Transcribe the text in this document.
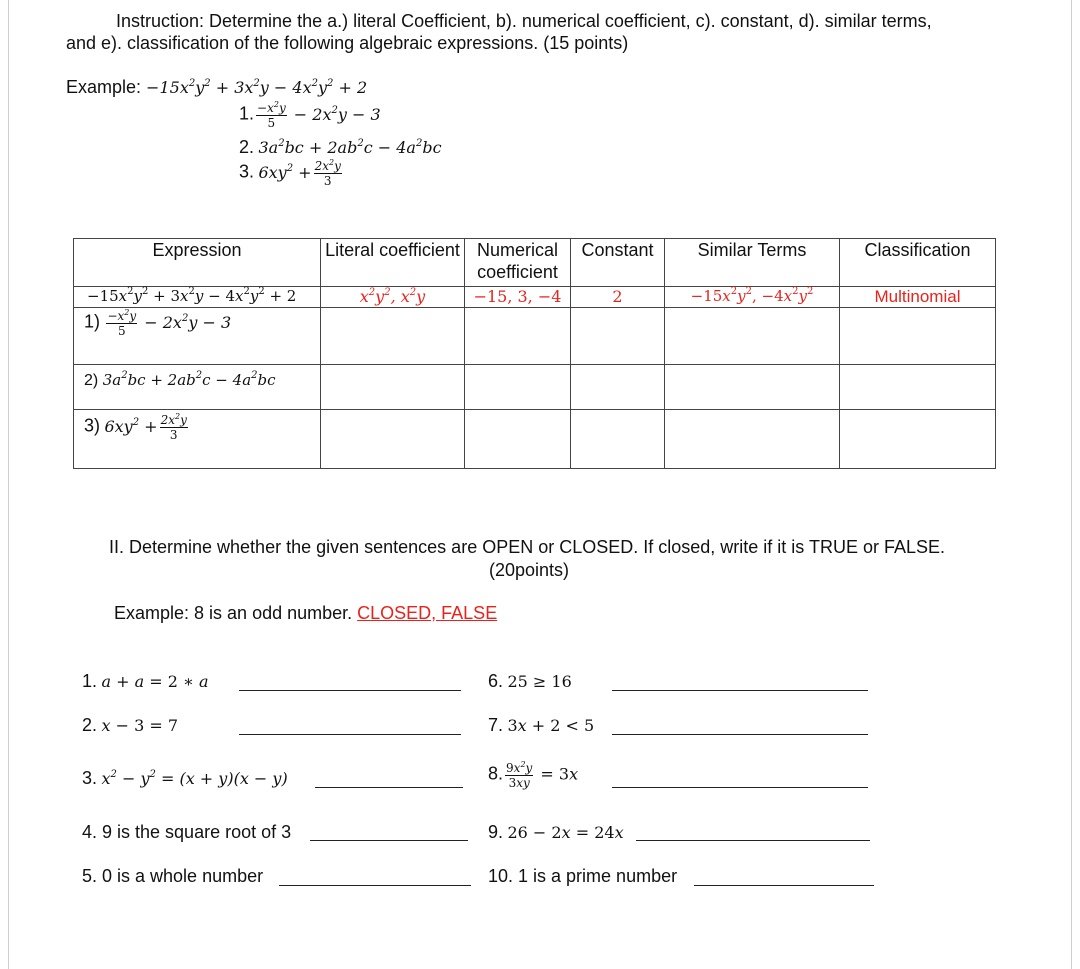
Instruction: Determine the a.) literal Coefficient, b). numerical coefficient, c). constant, d). similar terms,
and e). classification of the following algebraic expressions. (15 points)
Example: $-15x^2y^2 + 3x^2y - 4x^2y^2 + 2$
1. $\frac{-x^2y}{5} - 2x^2y - 3$
2. $3a^2bc + 2ab^2c - 4a^2bc$
3. $6xy^2 + \frac{2x^2y}{3}$
Expression	Literal coefficient	Numerical coefficient	Constant	Similar Terms	Classification
$-15x^2y^2 + 3x^2y - 4x^2y^2 + 2$	$x^2y^2$, $x^2y$	−15, 3, −4	2	$-15x^2y^2$, $-4x^2y^2$	Multinomial
$1) \frac{-x^2y}{5} - 2x^2y - 3$					
2) $3a^2bc + 2ab^2c - 4a^2bc$					
3) $6xy^2 + \frac{2x^2y}{3}$

II. Determine whether the given sentences are OPEN or CLOSED. If closed, write if it is TRUE or FALSE.
(20points)
Example: 8 is an odd number. CLOSED, FALSE
1. a + a = 2 ∗ a
2. x − 3 = 7
3. $x^2 - y^2 = (x + y)(x - y)$
4. 9 is the square root of 3
5. 0 is a whole number
6. 25 ≥ 16
7. 3x + 2 < 5
8. $\frac{9x^2y}{3xy} = 3x$
9. 26 − 2x = 24x
10. 1 is a prime number
